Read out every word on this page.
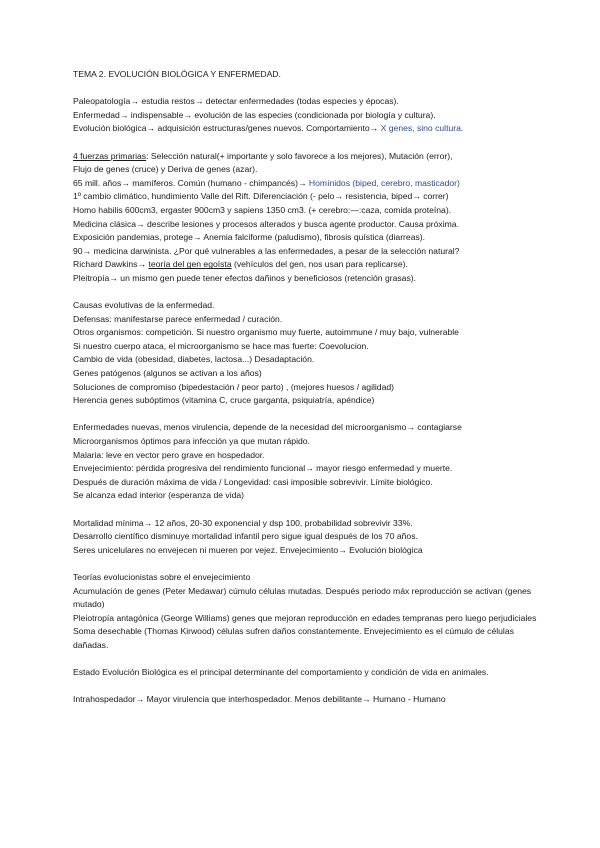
TEMA 2. EVOLUCIÓN BIOLÓGICA Y ENFERMEDAD.

Paleopatología→ estudia restos→ detectar enfermedades (todas especies y épocas).

Enfermedad→ indispensable→ evolución de las especies (condicionada por biología y cultura).

Evolución biológica→ adquisición estructuras/genes nuevos. Comportamiento→ X genes, sino cultura.

4 fuerzas primarias: Selección natural(+ importante y solo favorece a los mejores), Mutación (error),

Flujo de genes (cruce) y Deriva de genes (azar).

65 mill. años→ mamíferos. Común (humano - chimpancés)→ Homínidos (biped, cerebro, masticador)

1º cambio climático, hundimiento Valle del Rift. Diferenciación (- pelo→ resistencia, biped→ correr)

Homo habilis 600cm3, ergaster 900cm3 y sapiens 1350 cm3. (+ cerebro:—:caza, comida proteína).

Medicina clásica→ describe lesiones y procesos alterados y busca agente productor. Causa próxima.

Exposición pandemias, protege→ Anemia falciforme (paludismo), fibrosis quística (diarreas).

90→ medicina darwinista. ¿Por qué vulnerables a las enfermedades, a pesar de la selección natural?

Richard Dawkins→ teoría del gen egoísta (vehículos del gen, nos usan para replicarse).

Pleitropía→ un mismo gen puede tener efectos dañinos y beneficiosos (retención grasas).

Causas evolutivas de la enfermedad.

Defensas: manifestarse parece enfermedad / curación.

Otros organismos: competición. Si nuestro organismo muy fuerte, autoimmune / muy bajo, vulnerable

Si nuestro cuerpo ataca, el microorganismo se hace mas fuerte: Coevolucion.

Cambio de vida (obesidad, diabetes, lactosa...) Desadaptación.

Genes patógenos (algunos se activan a los años)

Soluciones de compromiso (bipedestación / peor parto) , (mejores huesos / agilidad)

Herencia genes subóptimos (vitamina C, cruce garganta, psiquiatría, apéndice)

Enfermedades nuevas, menos virulencia, depende de la necesidad del microorganismo→ contagiarse

Microorganismos óptimos para infección ya que mutan rápido.

Malaria: leve en vector pero grave en hospedador.

Envejecimiento: pérdida progresiva del rendimiento funcional→ mayor riesgo enfermedad y muerte.

Después de duración máxima de vida / Longevidad: casi imposible sobrevivir. Límite biológico.

Se alcanza edad interior (esperanza de vida)

Mortalidad mínima→ 12 años, 20-30 exponencial y dsp 100, probabilidad sobrevivir 33%.

Desarrollo científico disminuye mortalidad infantil pero sigue igual después de los 70 años.

Seres unicelulares no envejecen ni mueren por vejez. Envejecimiento→ Evolución biológica

Teorías evolucionistas sobre el envejecimiento

Acumulación de genes (Peter Medawar) cúmulo células mutadas. Después periodo máx reproducción se activan (genes mutado)

Pleiotropía antagónica (George Williams) genes que mejoran reproducción en edades tempranas pero luego perjudiciales

Soma desechable (Thomas Kirwood) células sufren daños constantemente. Envejecimiento es el cúmulo de células dañadas.

Estado Evolución Biológica es el principal determinante del comportamiento y condición de vida en animales.

Intrahospedador→ Mayor virulencia que interhospedador. Menos debilitante→ Humano - Humano
